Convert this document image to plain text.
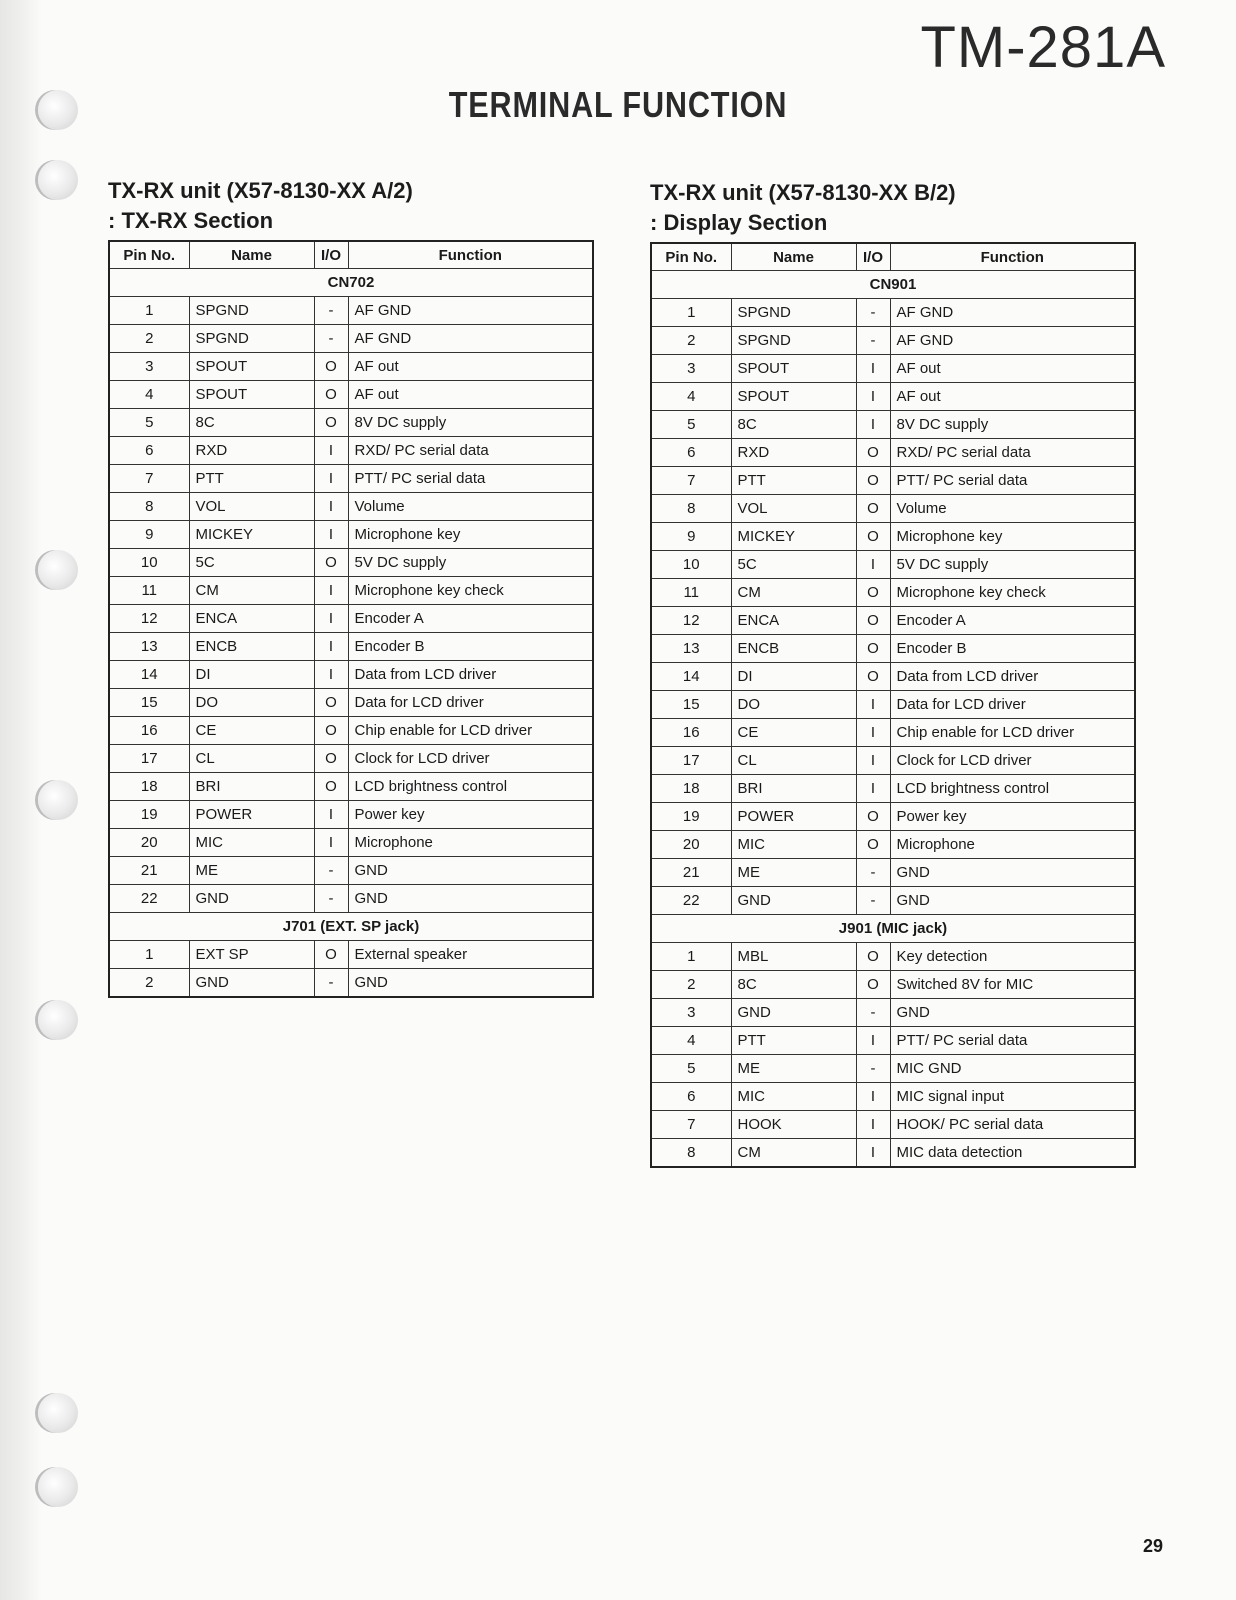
TM-281A
TERMINAL FUNCTION
TX-RX unit (X57-8130-XX A/2)
: TX-RX Section
Pin No.	Name	I/O	Function
CN702			
1	SPGND	-	AF GND
2	SPGND	-	AF GND
3	SPOUT	O	AF out
4	SPOUT	O	AF out
5	8C	O	8V DC supply
6	RXD	I	RXD/ PC serial data
7	PTT	I	PTT/ PC serial data
8	VOL	I	Volume
9	MICKEY	I	Microphone key
10	5C	O	5V DC supply
11	CM	I	Microphone key check
12	ENCA	I	Encoder A
13	ENCB	I	Encoder B
14	DI	I	Data from LCD driver
15	DO	O	Data for LCD driver
16	CE	O	Chip enable for LCD driver
17	CL	O	Clock for LCD driver
18	BRI	O	LCD brightness control
19	POWER	I	Power key
20	MIC	I	Microphone
21	ME	-	GND
22	GND	-	GND
J701 (EXT. SP jack)			
1	EXT SP	O	External speaker
2	GND	-	GND
TX-RX unit (X57-8130-XX B/2)
: Display Section
Pin No.	Name	I/O	Function
CN901			
1	SPGND	-	AF GND
2	SPGND	-	AF GND
3	SPOUT	I	AF out
4	SPOUT	I	AF out
5	8C	I	8V DC supply
6	RXD	O	RXD/ PC serial data
7	PTT	O	PTT/ PC serial data
8	VOL	O	Volume
9	MICKEY	O	Microphone key
10	5C	I	5V DC supply
11	CM	O	Microphone key check
12	ENCA	O	Encoder A
13	ENCB	O	Encoder B
14	DI	O	Data from LCD driver
15	DO	I	Data for LCD driver
16	CE	I	Chip enable for LCD driver
17	CL	I	Clock for LCD driver
18	BRI	I	LCD brightness control
19	POWER	O	Power key
20	MIC	O	Microphone
21	ME	-	GND
22	GND	-	GND
J901 (MIC jack)			
1	MBL	O	Key detection
2	8C	O	Switched 8V for MIC
3	GND	-	GND
4	PTT	I	PTT/ PC serial data
5	ME	-	MIC GND
6	MIC	I	MIC signal input
7	HOOK	I	HOOK/ PC serial data
8	CM	I	MIC data detection
29
